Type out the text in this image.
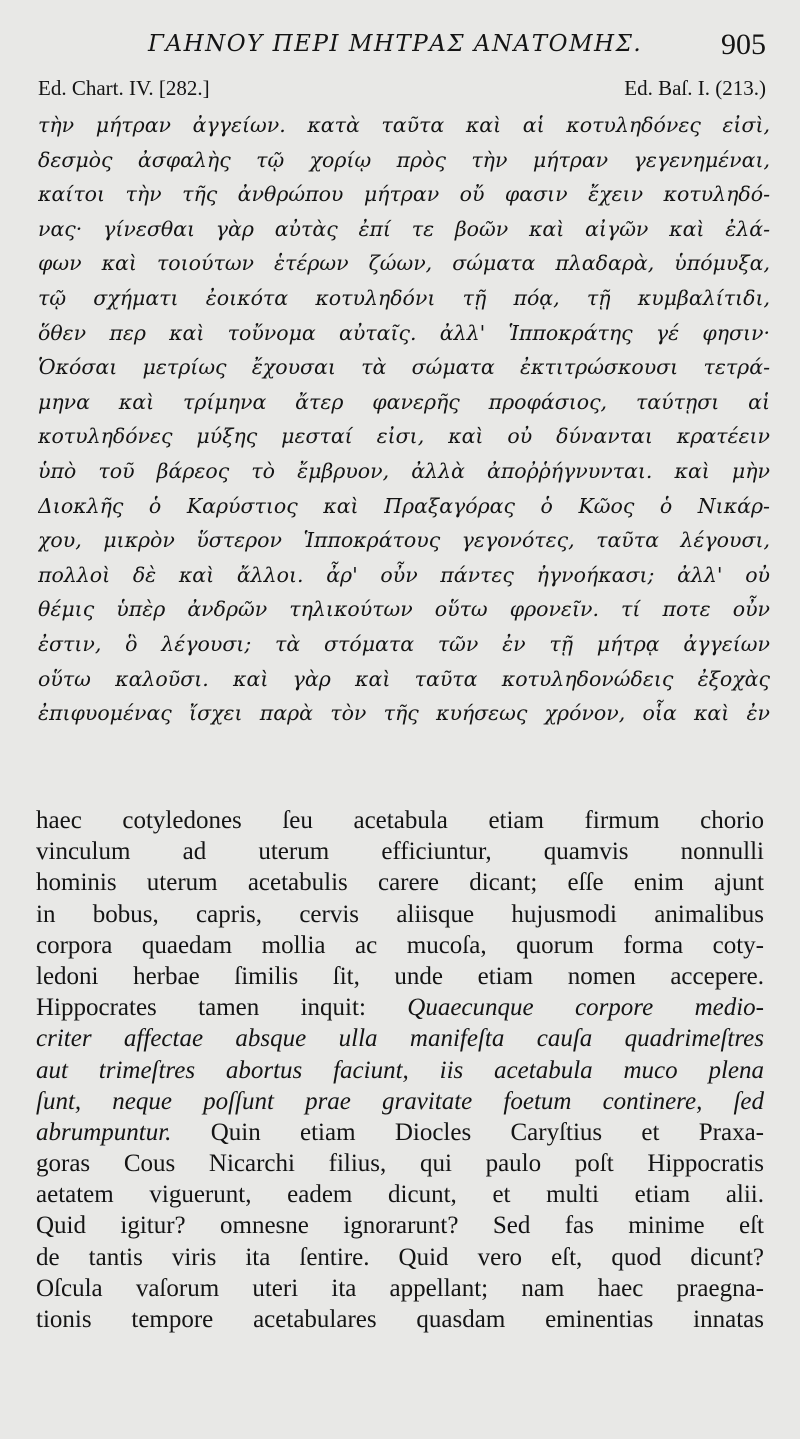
ΓΑΗΝΟΥ ΠΕΡΙ ΜΗΤΡΑΣ ΑΝΑΤΟΜΗΣ.	905
Ed. Chart. IV. [282.]	Ed. Baſ. I. (213.)
τὴν μήτραν ἀγγείων. κατὰ ταῦτα καὶ αἱ κοτυληδόνες εἰσὶ,
δεσμὸς ἀσφαλὴς τῷ χορίῳ πρὸς τὴν μήτραν γεγενημέναι,
καίτοι τὴν τῆς ἀνθρώπου μήτραν οὔ φασιν ἔχειν κοτυληδό-
νας· γίνεσθαι γὰρ αὐτὰς ἐπί τε βοῶν καὶ αἰγῶν καὶ ἐλά-
φων καὶ τοιούτων ἑτέρων ζώων, σώματα πλαδαρὰ, ὑπόμυξα,
τῷ σχήματι ἐοικότα κοτυληδόνι τῇ πόᾳ, τῇ κυμβαλίτιδι,
ὅθεν περ καὶ τοὔνομα αὐταῖς. ἀλλ' Ἱπποκράτης γέ φησιν·
Ὁκόσαι μετρίως ἔχουσαι τὰ σώματα ἐκτιτρώσκουσι τετρά-
μηνα καὶ τρίμηνα ἄτερ φανερῆς προφάσιος, ταύτῃσι αἱ
κοτυληδόνες μύξης μεσταί εἰσι, καὶ οὐ δύνανται κρατέειν
ὑπὸ τοῦ βάρεος τὸ ἔμβρυον, ἀλλὰ ἀποῤῥήγνυνται. καὶ μὴν
Διοκλῆς ὁ Καρύστιος καὶ Πραξαγόρας ὁ Κῶος ὁ Νικάρ-
χου, μικρὸν ὕστερον Ἱπποκράτους γεγονότες, ταῦτα λέγουσι,
πολλοὶ δὲ καὶ ἄλλοι. ἆρ' οὖν πάντες ἠγνοήκασι; ἀλλ' οὐ
θέμις ὑπὲρ ἀνδρῶν τηλικούτων οὕτω φρονεῖν. τί ποτε οὖν
ἐστιν, ὃ λέγουσι; τὰ στόματα τῶν ἐν τῇ μήτρᾳ ἀγγείων
οὕτω καλοῦσι. καὶ γὰρ καὶ ταῦτα κοτυληδονώδεις ἐξοχὰς
ἐπιφυομένας ἴσχει παρὰ τὸν τῆς κυήσεως χρόνον, οἷα καὶ ἐν
haec cotyledones ſeu acetabula etiam firmum chorio
vinculum ad uterum efficiuntur, quamvis nonnulli
hominis uterum acetabulis carere dicant; eſſe enim ajunt
in bobus, capris, cervis aliisque hujusmodi animalibus
corpora quaedam mollia ac mucoſa, quorum forma coty-
ledoni herbae ſimilis ſit, unde etiam nomen accepere.
Hippocrates tamen inquit: Quaecunque corpore medio-
criter affectae absque ulla manifeſta cauſa quadrimeſtres
aut trimeſtres abortus faciunt, iis acetabula muco plena
ſunt, neque poſſunt prae gravitate foetum continere, ſed
abrumpuntur. Quin etiam Diocles Caryſtius et Praxa-
goras Cous Nicarchi filius, qui paulo poſt Hippocratis
aetatem viguerunt, eadem dicunt, et multi etiam alii.
Quid igitur? omnesne ignorarunt? Sed fas minime eſt
de tantis viris ita ſentire. Quid vero eſt, quod dicunt?
Oſcula vaſorum uteri ita appellant; nam haec praegna-
tionis tempore acetabulares quasdam eminentias innatas
